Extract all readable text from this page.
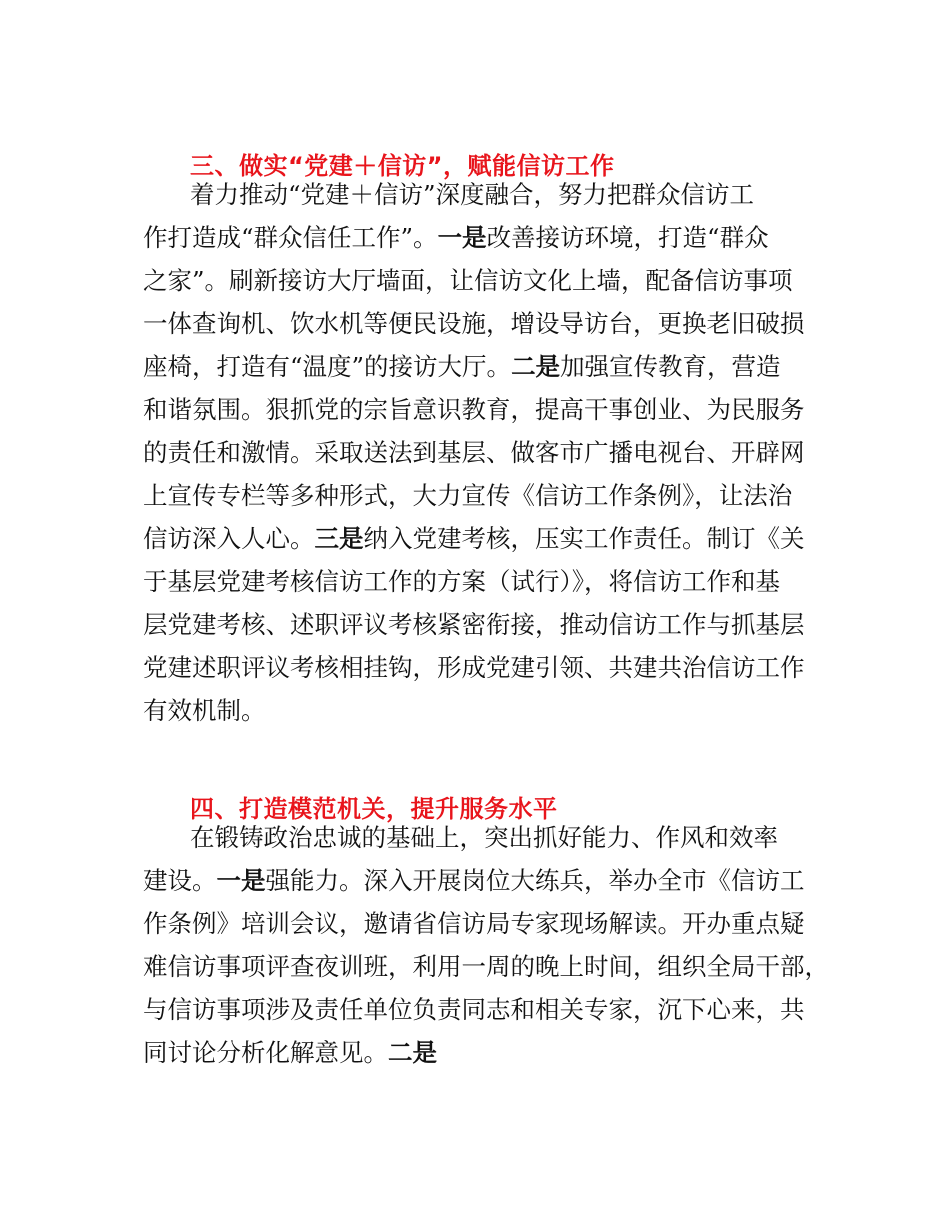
三、做实“党建＋信访”，赋能信访工作
着力推动“党建＋信访”深度融合，努力把群众信访工
作打造成“群众信任工作”。一是改善接访环境，打造“群众
之家”。刷新接访大厅墙面，让信访文化上墙，配备信访事项
一体查询机、饮水机等便民设施，增设导访台，更换老旧破损
座椅，打造有“温度”的接访大厅。二是加强宣传教育，营造
和谐氛围。狠抓党的宗旨意识教育，提高干事创业、为民服务
的责任和激情。采取送法到基层、做客市广播电视台、开辟网
上宣传专栏等多种形式，大力宣传《信访工作条例》，让法治
信访深入人心。三是纳入党建考核，压实工作责任。制订《关
于基层党建考核信访工作的方案（试行）》，将信访工作和基
层党建考核、述职评议考核紧密衔接，推动信访工作与抓基层
党建述职评议考核相挂钩，形成党建引领、共建共治信访工作
有效机制。
四、打造模范机关，提升服务水平
在锻铸政治忠诚的基础上，突出抓好能力、作风和效率
建设。一是强能力。深入开展岗位大练兵，举办全市《信访工
作条例》培训会议，邀请省信访局专家现场解读。开办重点疑
难信访事项评查夜训班，利用一周的晚上时间，组织全局干部，
与信访事项涉及责任单位负责同志和相关专家，沉下心来，共
同讨论分析化解意见。二是
